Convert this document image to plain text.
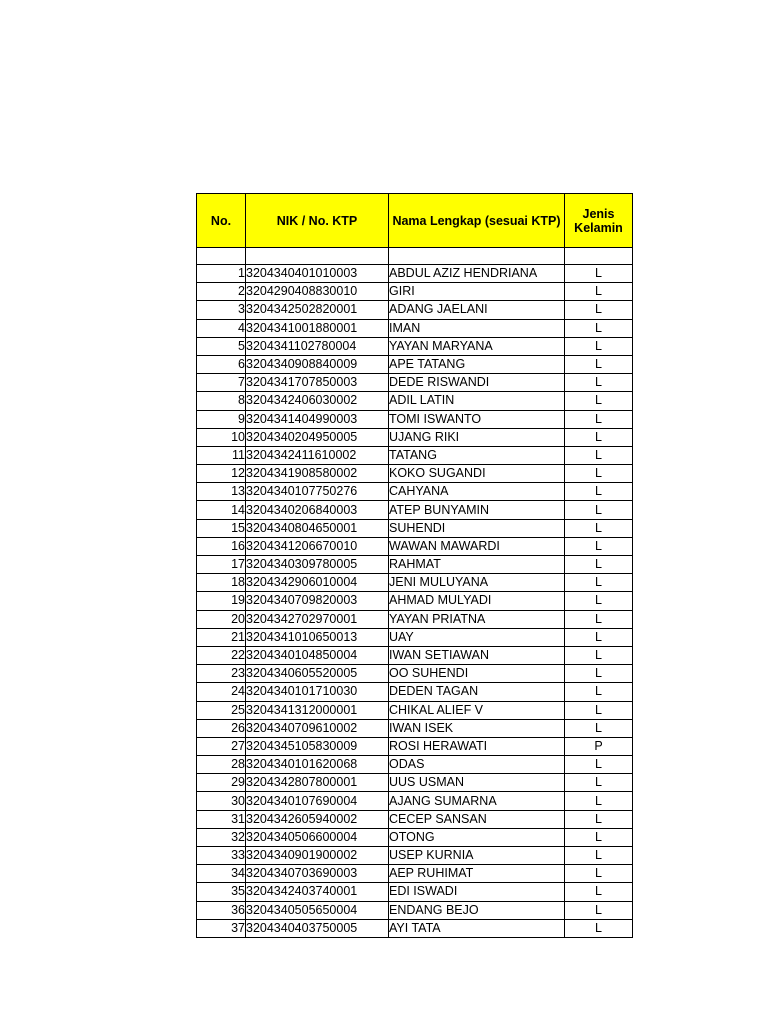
No.	NIK / No. KTP	Nama Lengkap (sesuai KTP)	Jenis Kelamin

1	3204340401010003	ABDUL AZIZ HENDRIANA	L
2	3204290408830010	GIRI	L
3	3204342502820001	ADANG JAELANI	L
4	3204341001880001	IMAN	L
5	3204341102780004	YAYAN MARYANA	L
6	3204340908840009	APE TATANG	L
7	3204341707850003	DEDE RISWANDI	L
8	3204342406030002	ADIL LATIN	L
9	3204341404990003	TOMI ISWANTO	L
10	3204340204950005	UJANG RIKI	L
11	3204342411610002	TATANG	L
12	3204341908580002	KOKO SUGANDI	L
13	3204340107750276	CAHYANA	L
14	3204340206840003	ATEP BUNYAMIN	L
15	3204340804650001	SUHENDI	L
16	3204341206670010	WAWAN MAWARDI	L
17	3204340309780005	RAHMAT	L
18	3204342906010004	JENI MULUYANA	L
19	3204340709820003	AHMAD MULYADI	L
20	3204342702970001	YAYAN PRIATNA	L
21	3204341010650013	UAY	L
22	3204340104850004	IWAN SETIAWAN	L
23	3204340605520005	OO SUHENDI	L
24	3204340101710030	DEDEN TAGAN	L
25	3204341312000001	CHIKAL ALIEF V	L
26	3204340709610002	IWAN ISEK	L
27	3204345105830009	ROSI HERAWATI	P
28	3204340101620068	ODAS	L
29	3204342807800001	UUS USMAN	L
30	3204340107690004	AJANG SUMARNA	L
31	3204342605940002	CECEP SANSAN	L
32	3204340506600004	OTONG	L
33	3204340901900002	USEP KURNIA	L
34	3204340703690003	AEP RUHIMAT	L
35	3204342403740001	EDI ISWADI	L
36	3204340505650004	ENDANG BEJO	L
37	3204340403750005	AYI TATA	L
